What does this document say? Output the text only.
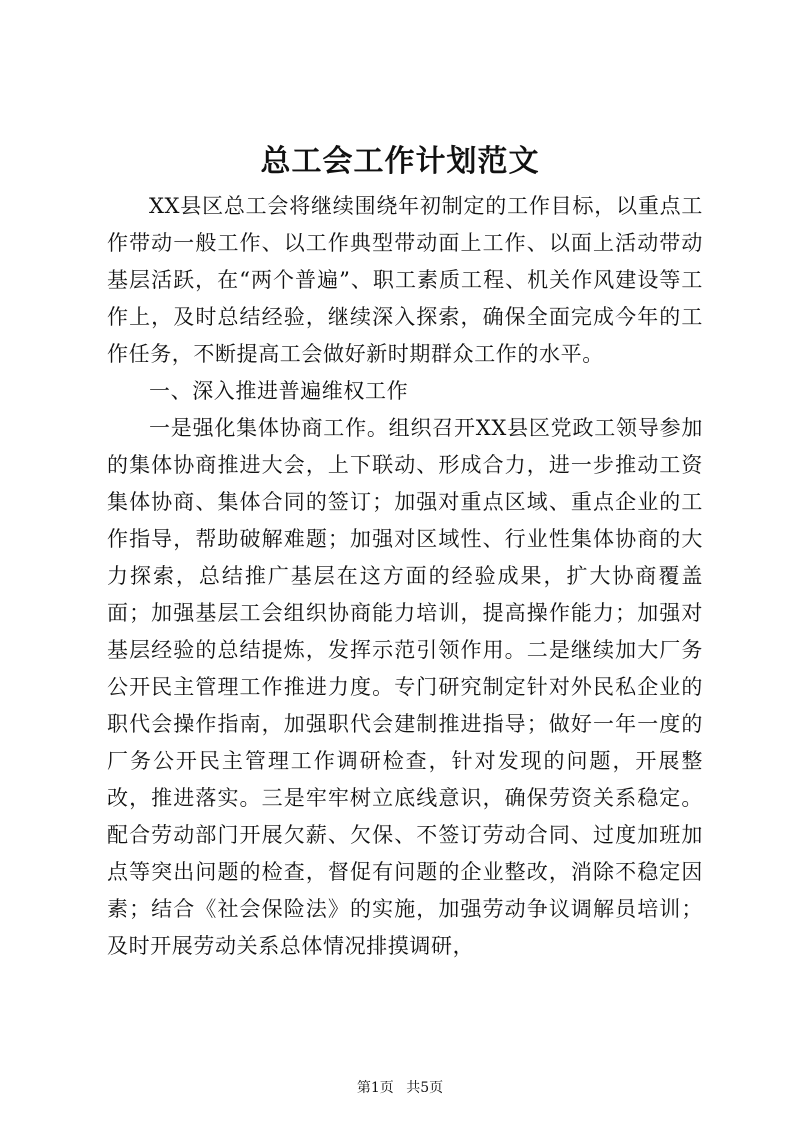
总工会工作计划范文

XX县区总工会将继续围绕年初制定的工作目标，以重点工作带动一般工作、以工作典型带动面上工作、以面上活动带动基层活跃，在“两个普遍”、职工素质工程、机关作风建设等工作上，及时总结经验，继续深入探索，确保全面完成今年的工作任务，不断提高工会做好新时期群众工作的水平。

一、深入推进普遍维权工作

一是强化集体协商工作。组织召开XX县区党政工领导参加的集体协商推进大会，上下联动、形成合力，进一步推动工资集体协商、集体合同的签订；加强对重点区域、重点企业的工作指导，帮助破解难题；加强对区域性、行业性集体协商的大力探索，总结推广基层在这方面的经验成果，扩大协商覆盖面；加强基层工会组织协商能力培训，提高操作能力；加强对基层经验的总结提炼，发挥示范引领作用。二是继续加大厂务公开民主管理工作推进力度。专门研究制定针对外民私企业的职代会操作指南，加强职代会建制推进指导；做好一年一度的厂务公开民主管理工作调研检查，针对发现的问题，开展整改，推进落实。三是牢牢树立底线意识，确保劳资关系稳定。配合劳动部门开展欠薪、欠保、不签订劳动合同、过度加班加点等突出问题的检查，督促有问题的企业整改，消除不稳定因素；结合《社会保险法》的实施，加强劳动争议调解员培训；及时开展劳动关系总体情况排摸调研，

第1页 共5页
